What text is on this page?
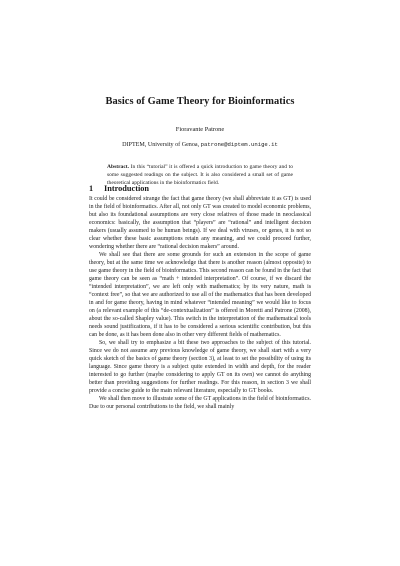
Basics of Game Theory for Bioinformatics
Fioravante Patrone
DIPTEM, University of Genoa, patrone@diptem.unige.it
Abstract. In this “tutorial” it is offered a quick introduction to game theory and to some suggested readings on the subject. It is also considered a small set of game theoretical applications in the bioinformatics field.
1 Introduction

It could be considered strange the fact that game theory (we shall abbreviate it as GT) is used in the field of bioinformatics. After all, not only GT was created to model economic problems, but also its foundational assumptions are very close relatives of those made in neoclassical economics: basically, the assumption that “players” are “rational” and intelligent decision makers (usually assumed to be human beings). If we deal with viruses, or genes, it is not so clear whether these basic assumptions retain any meaning, and we could proceed further, wondering whether there are “rational decision makers” around.

We shall see that there are some grounds for such an extension in the scope of game theory, but at the same time we acknowledge that there is another reason (almost opposite) to use game theory in the field of bioinformatics. This second reason can be found in the fact that game theory can be seen as “math + intended interpretation”. Of course, if we discard the “intended interpretation”, we are left only with mathematics; by its very nature, math is “context free”, so that we are authorized to use all of the mathematics that has been developed in and for game theory, having in mind whatever “intended meaning” we would like to focus on (a relevant example of this “de-contextualization” is offered in Moretti and Patrone (2008), about the so-called Shapley value). This switch in the interpretation of the mathematical tools needs sound justifications, if it has to be considered a serious scientific contribution, but this can be done, as it has been done also in other very different fields of mathematics.

So, we shall try to emphasize a bit these two approaches to the subject of this tutorial. Since we do not assume any previous knowledge of game theory, we shall start with a very quick sketch of the basics of game theory (section 3), at least to set the possibility of using its language. Since game theory is a subject quite extended in width and depth, for the reader interested to go further (maybe considering to apply GT on its own) we cannot do anything better than providing suggestions for further readings. For this reason, in section 3 we shall provide a concise guide to the main relevant literature, especially to GT books.

We shall then move to illustrate some of the GT applications in the field of bioinformatics. Due to our personal contributions to the field, we shall mainly
